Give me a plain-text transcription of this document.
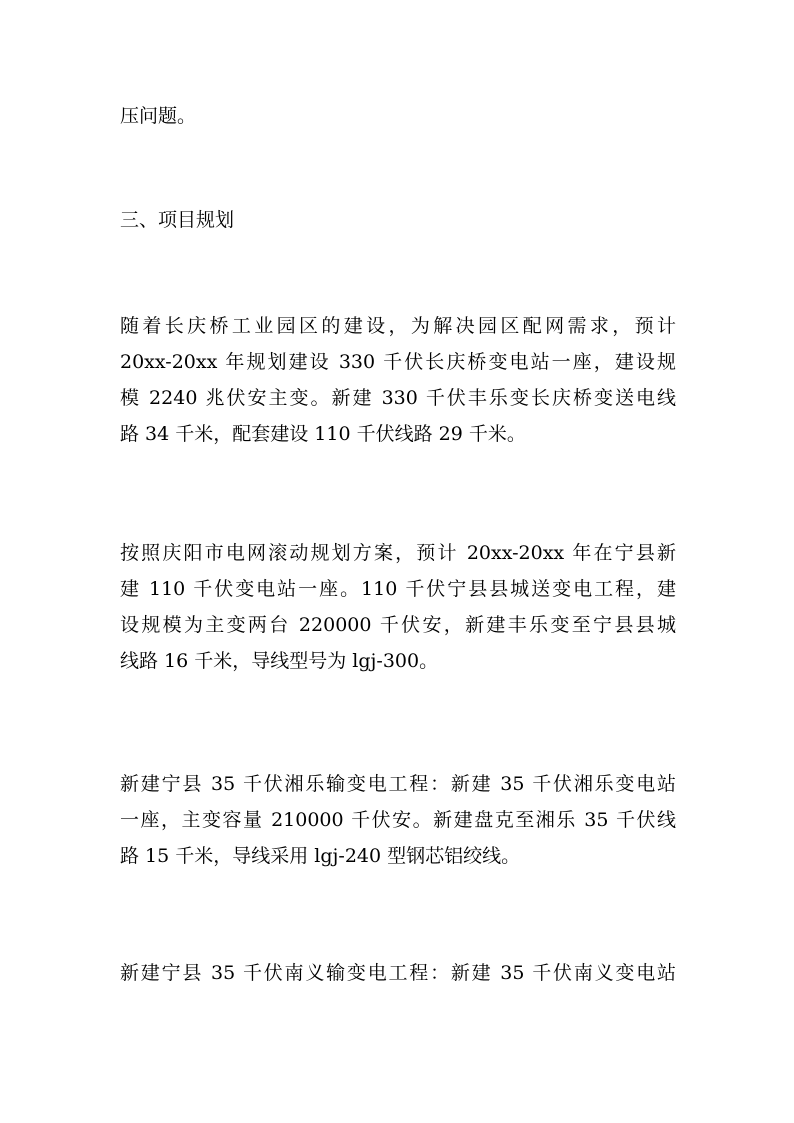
压问题。
三、项目规划
随着长庆桥工业园区的建设，为解决园区配网需求，预计
20xx-20xx 年规划建设 330 千伏长庆桥变电站一座，建设规
模 2240 兆伏安主变。新建 330 千伏丰乐变长庆桥变送电线
路 34 千米，配套建设 110 千伏线路 29 千米。
按照庆阳市电网滚动规划方案，预计 20xx-20xx 年在宁县新
建 110 千伏变电站一座。110 千伏宁县县城送变电工程，建
设规模为主变两台 220000 千伏安，新建丰乐变至宁县县城
线路 16 千米，导线型号为 lgj-300。
新建宁县 35 千伏湘乐输变电工程：新建 35 千伏湘乐变电站
一座，主变容量 210000 千伏安。新建盘克至湘乐 35 千伏线
路 15 千米，导线采用 lgj-240 型钢芯铝绞线。
新建宁县 35 千伏南义输变电工程：新建 35 千伏南义变电站
